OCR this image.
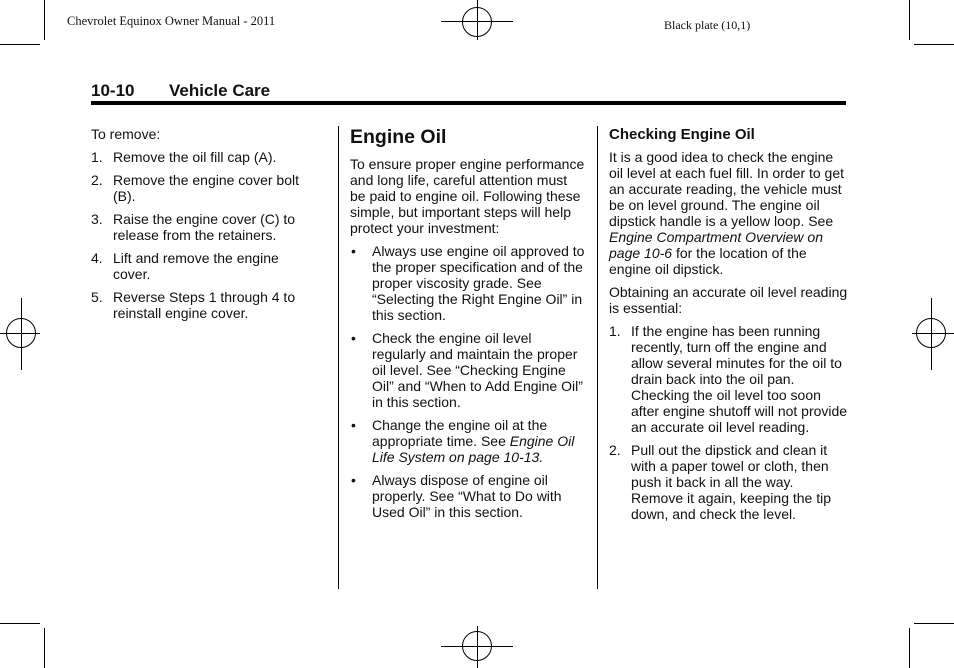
Chevrolet Equinox Owner Manual - 2011	Black plate (10,1)
10-10 Vehicle Care

To remove:

1. Remove the oil fill cap (A).
2. Remove the engine cover bolt (B).
3. Raise the engine cover (C) to release from the retainers.
4. Lift and remove the engine cover.
5. Reverse Steps 1 through 4 to reinstall engine cover.
Engine Oil

To ensure proper engine performance and long life, careful attention must be paid to engine oil. Following these simple, but important steps will help protect your investment:

• Always use engine oil approved to the proper specification and of the proper viscosity grade. See “Selecting the Right Engine Oil” in this section.
• Check the engine oil level regularly and maintain the proper oil level. See “Checking Engine Oil” and “When to Add Engine Oil” in this section.
• Change the engine oil at the appropriate time. See Engine Oil Life System on page 10-13.
• Always dispose of engine oil properly. See “What to Do with Used Oil” in this section.
Checking Engine Oil

It is a good idea to check the engine oil level at each fuel fill. In order to get an accurate reading, the vehicle must be on level ground. The engine oil dipstick handle is a yellow loop. See Engine Compartment Overview on page 10-6 for the location of the engine oil dipstick.

Obtaining an accurate oil level reading is essential:

1. If the engine has been running recently, turn off the engine and allow several minutes for the oil to drain back into the oil pan. Checking the oil level too soon after engine shutoff will not provide an accurate oil level reading.
2. Pull out the dipstick and clean it with a paper towel or cloth, then push it back in all the way. Remove it again, keeping the tip down, and check the level.
